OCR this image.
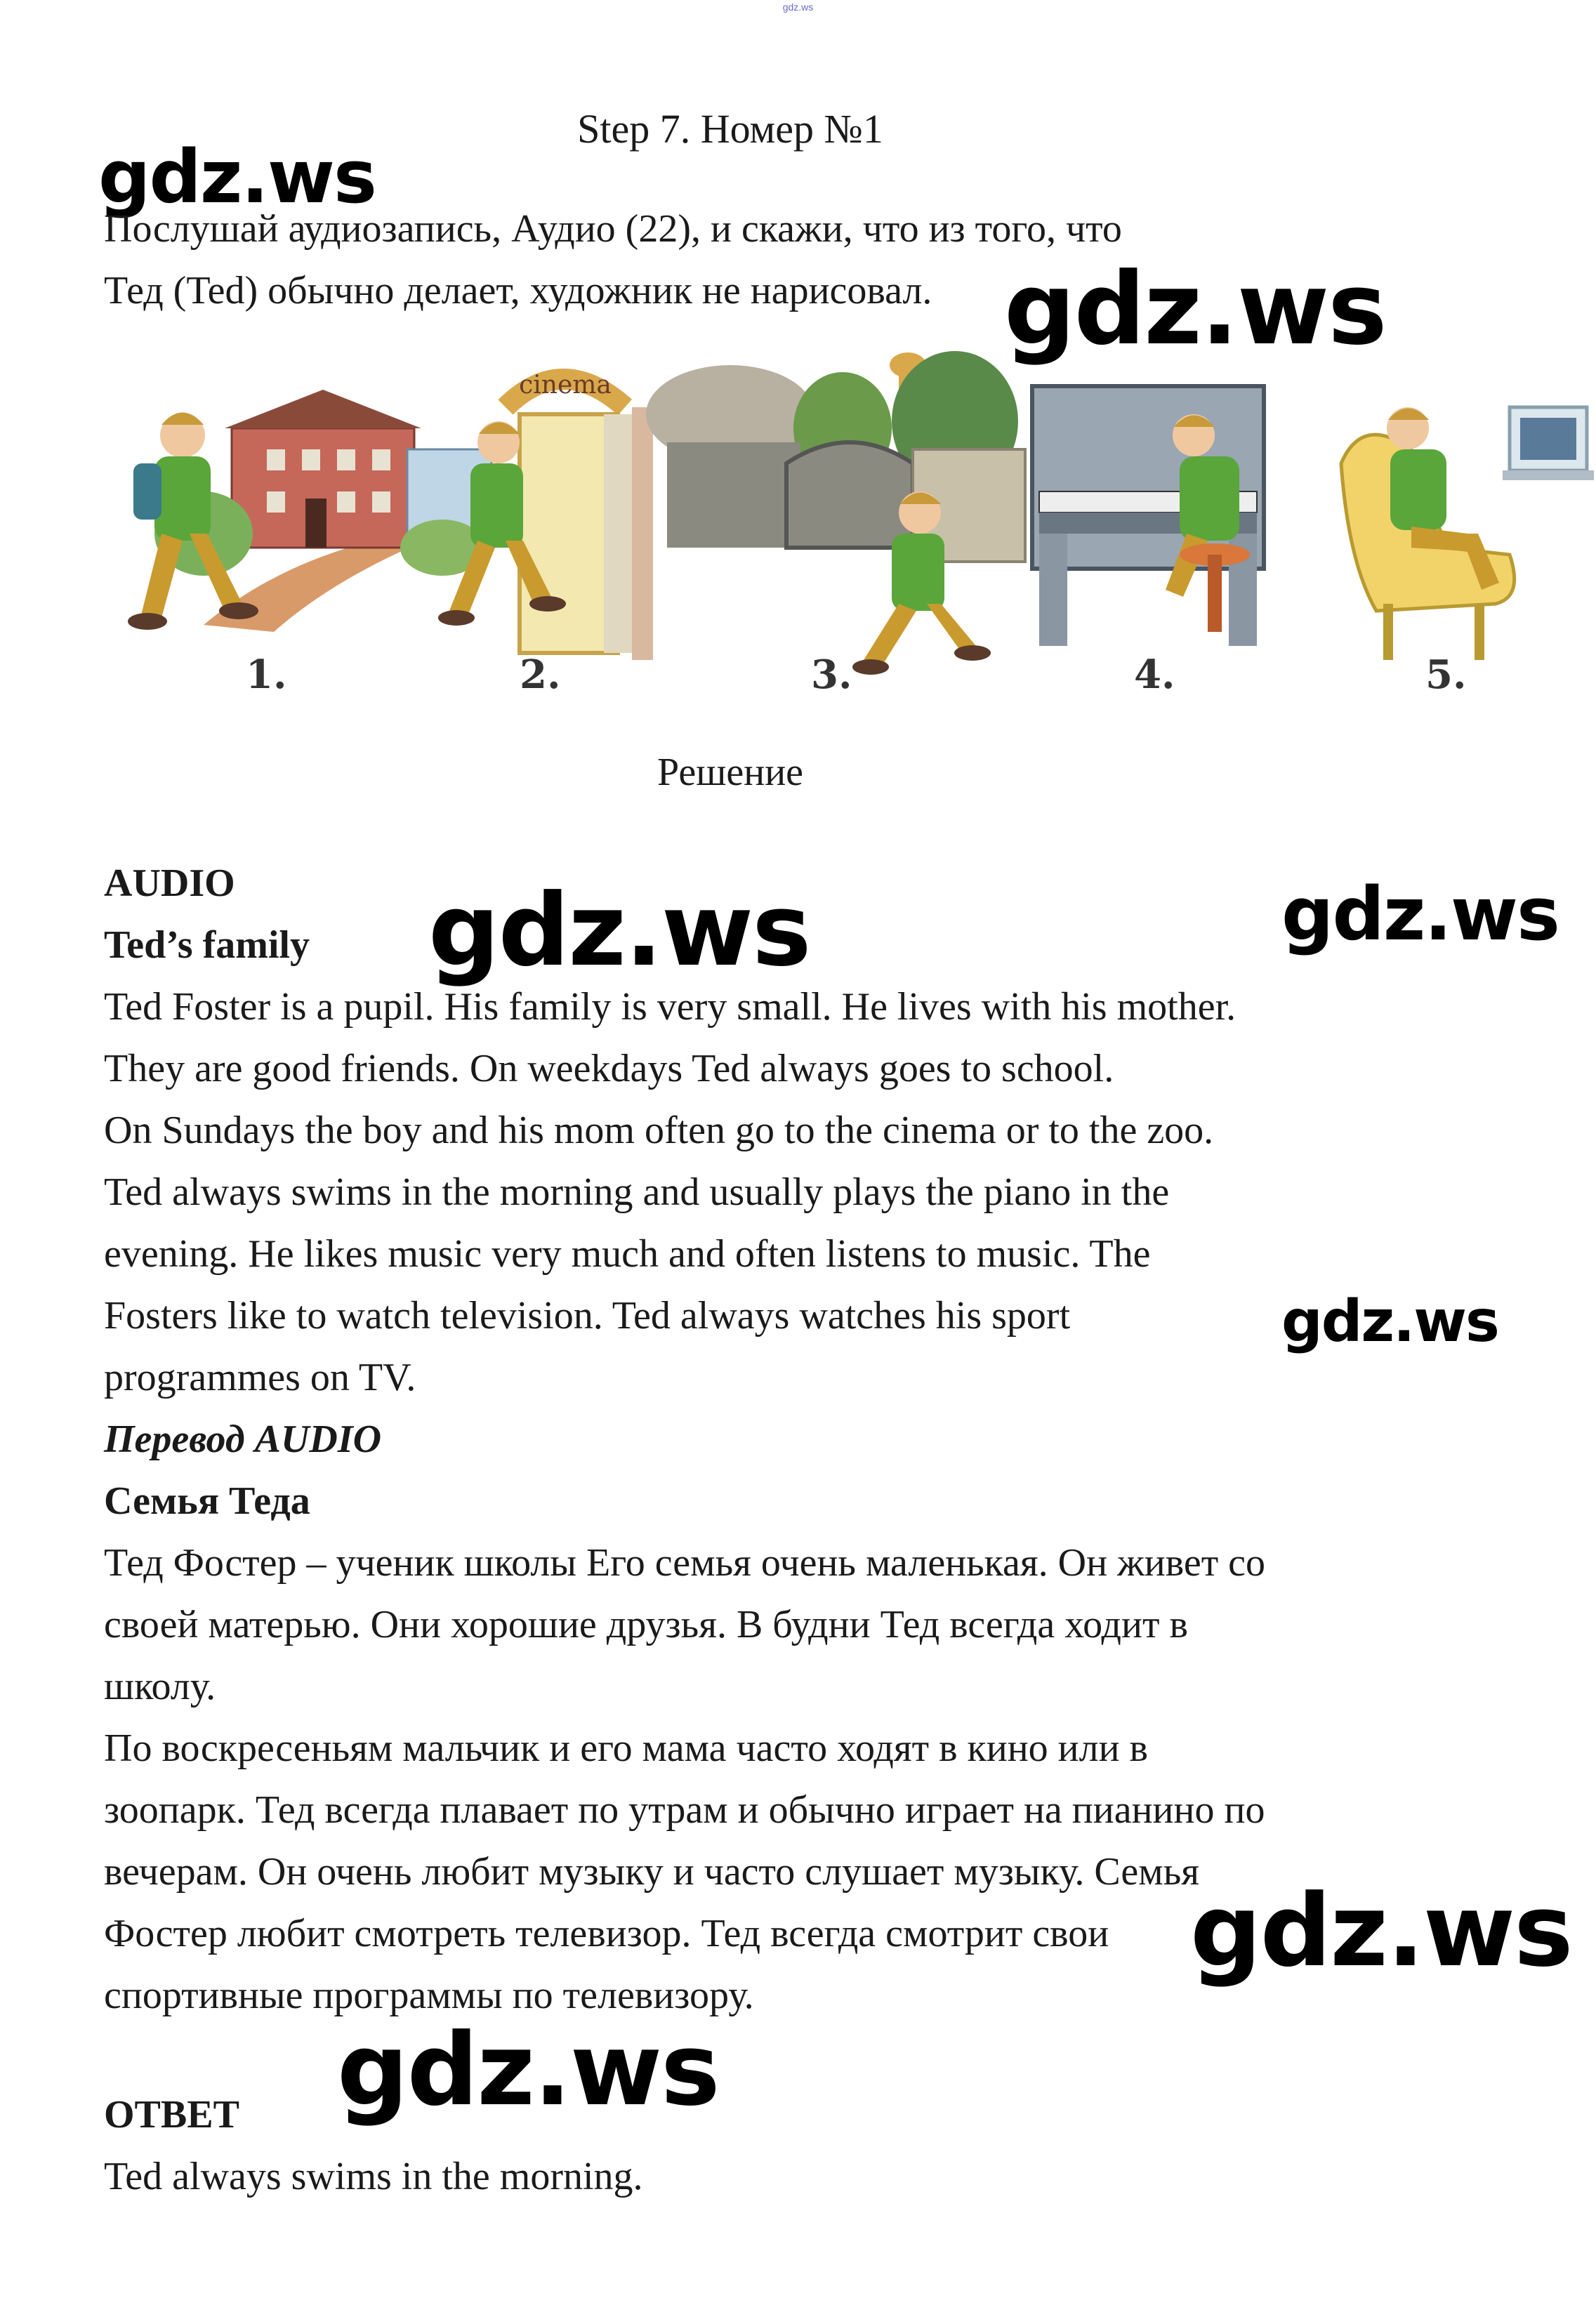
gdz.ws
Step 7. Номер №1
gdz.ws
Послушай аудиозапись, Аудио (22), и скажи, что из того, что
Тед (Ted) обычно делает, художник не нарисовал. gdz.ws
cinema
1.	2.	3.	4.	5.
Решение
AUDIO
Ted’s family gdz.ws	gdz.ws
Ted Foster is a pupil. His family is very small. He lives with his mother.
They are good friends. On weekdays Ted always goes to school.
On Sundays the boy and his mom often go to the cinema or to the zoo.
Ted always swims in the morning and usually plays the piano in the
evening. He likes music very much and often listens to music. The
Fosters like to watch television. Ted always watches his sport
programmes on TV.
gdz.ws
Перевод AUDIO
Семья Теда
Тед Фостер – ученик школы Его семья очень маленькая. Он живет со
своей матерью. Они хорошие друзья. В будни Тед всегда ходит в
школу.
По воскресеньям мальчик и его мама часто ходят в кино или в
зоопарк. Тед всегда плавает по утрам и обычно играет на пианино по
вечерам. Он очень любит музыку и часто слушает музыку. Семья
Фостер любит смотреть телевизор. Тед всегда смотрит свои
спортивные программы по телевизору.
gdz.ws
gdz.ws
ОТВЕТ
Ted always swims in the morning.
